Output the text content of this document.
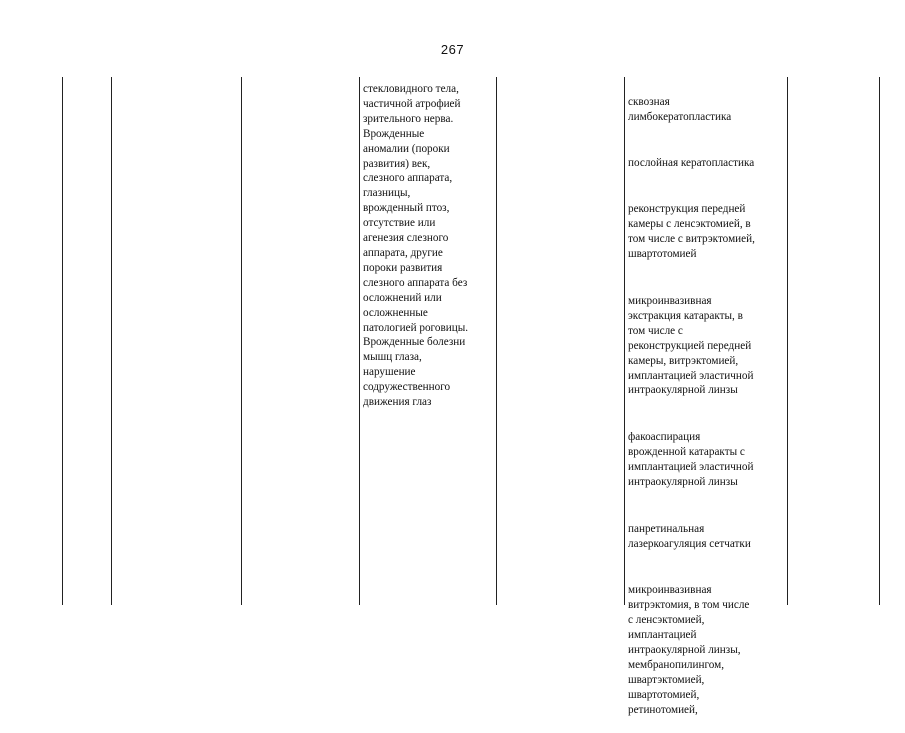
267
стекловидного тела,
частичной атрофией
зрительного нерва.
Врожденные
аномалии (пороки
развития) век,
слезного аппарата,
глазницы,
врожденный птоз,
отсутствие или
агенезия слезного
аппарата, другие
пороки развития
слезного аппарата без
осложнений или
осложненные
патологией роговицы.
Врожденные болезни
мышц глаза,
нарушение
содружественного
движения глаз

сквозная
лимбокератопластика

послойная кератопластика

реконструкция передней
камеры с ленсэктомией, в
том числе с витрэктомией,
швартотомией

микроинвазивная
экстракция катаракты, в
том числе с
реконструкцией передней
камеры, витрэктомией,
имплантацией эластичной
интраокулярной линзы

факоаспирация
врожденной катаракты с
имплантацией эластичной
интраокулярной линзы

панретинальная
лазеркоагуляция сетчатки

микроинвазивная
витрэктомия, в том числе
с ленсэктомией,
имплантацией
интраокулярной линзы,
мембранопилингом,
швартэктомией,
швартотомией,
ретинотомией,
